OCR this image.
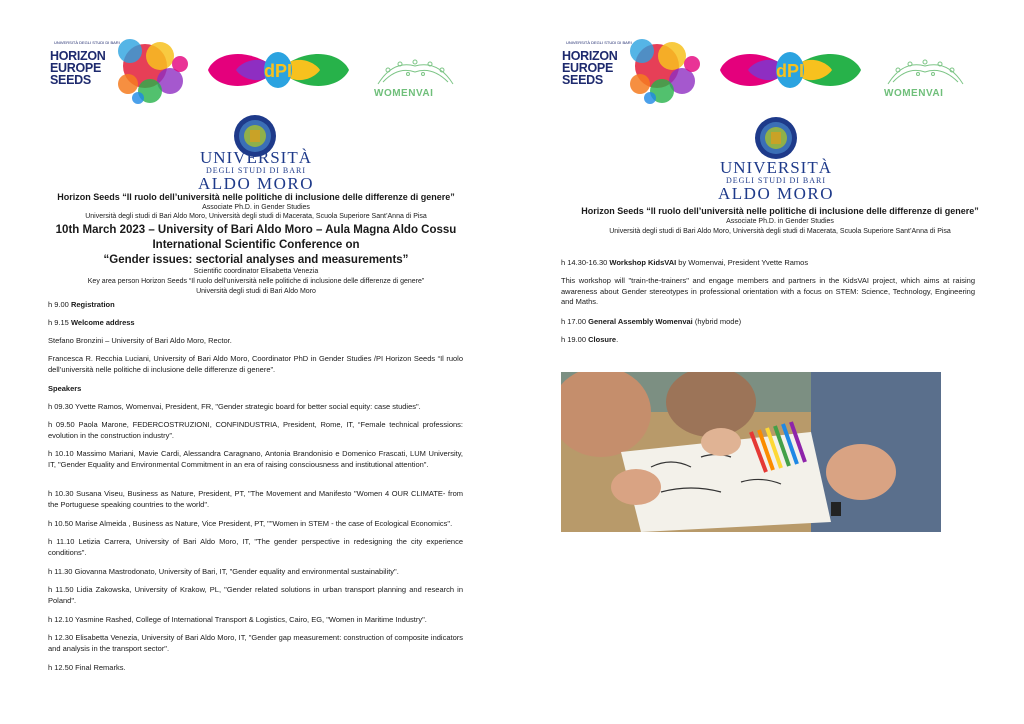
UNIVERSITÀ DEGLI STUDI DI BARI
HORIZON
EUROPE
SEEDS	dPI
WOMENVAI
UNIVERSITÀ
DEGLI STUDI DI BARI
ALDO MORO
Horizon Seeds “Il ruolo dell’università nelle politiche di inclusione delle differenze di genere”
Associate Ph.D. in Gender Studies
Università degli studi di Bari Aldo Moro, Università degli studi di Macerata, Scuola Superiore Sant’Anna di Pisa
10th March 2023 – University of Bari Aldo Moro – Aula Magna Aldo Cossu
International Scientific Conference on
“Gender issues: sectorial analyses and measurements”
Scientific coordinator Elisabetta Venezia
Key area person Horizon Seeds “Il ruolo dell’università nelle politiche di inclusione delle differenze di genere”
Università degli studi di Bari Aldo Moro
h 9.00 Registration
h 9.15 Welcome address
Stefano Bronzini – University of Bari Aldo Moro, Rector.
Francesca R. Recchia Luciani, University of Bari Aldo Moro, Coordinator PhD in Gender Studies /PI Horizon Seeds “Il ruolo dell’università nelle politiche di inclusione delle differenze di genere”.
Speakers
h 09.30 Yvette Ramos, Womenvai, President, FR, "Gender strategic board for better social equity: case studies".
h 09.50 Paola Marone, FEDERCOSTRUZIONI, CONFINDUSTRIA, President, Rome, IT, “Female technical professions: evolution in the construction industry”.
h 10.10 Massimo Mariani, Mavie Cardi, Alessandra Caragnano, Antonia Brandonisio e Domenico Frascati, LUM University, IT, "Gender Equality and Environmental Commitment in an era of raising consciousness and institutional attention".
h 10.30 Susana Viseu, Business as Nature, President, PT, "The Movement and Manifesto "Women 4 OUR CLIMATE- from the Portuguese speaking countries to the world".
h 10.50 Marise Almeida , Business as Nature, Vice President, PT, ""Women in STEM - the case of Ecological Economics".
h 11.10 Letizia Carrera, University of Bari Aldo Moro, IT, "The gender perspective in redesigning the city experience conditions".
h 11.30 Giovanna Mastrodonato, University of Bari, IT, "Gender equality and environmental sustainability".
h 11.50 Lidia Zakowska, University of Krakow, PL, "Gender related solutions in urban transport planning and research in Poland".
h 12.10 Yasmine Rashed, College of International Transport & Logistics, Cairo, EG, "Women in Maritime Industry".
h 12.30 Elisabetta Venezia, University of Bari Aldo Moro, IT, "Gender gap measurement: construction of composite indicators and analysis in the transport sector".
h 12.50 Final Remarks.
UNIVERSITÀ DEGLI STUDI DI BARI
HORIZON
EUROPE
SEEDS	dPI
WOMENVAI
UNIVERSITÀ
DEGLI STUDI DI BARI
ALDO MORO
Horizon Seeds “Il ruolo dell’università nelle politiche di inclusione delle differenze di genere”
Associate Ph.D. in Gender Studies
Università degli studi di Bari Aldo Moro, Università degli studi di Macerata, Scuola Superiore Sant’Anna di Pisa
h 14.30-16.30 Workshop KidsVAI by Womenvai, President Yvette Ramos
This workshop will "train-the-trainers" and engage members and partners in the KidsVAI project, which aims at raising awareness about Gender stereotypes in professional orientation with a focus on STEM: Science, Technology, Engineering and Maths.
h 17.00 General Assembly Womenvai (hybrid mode)
h 19.00 Closure.
